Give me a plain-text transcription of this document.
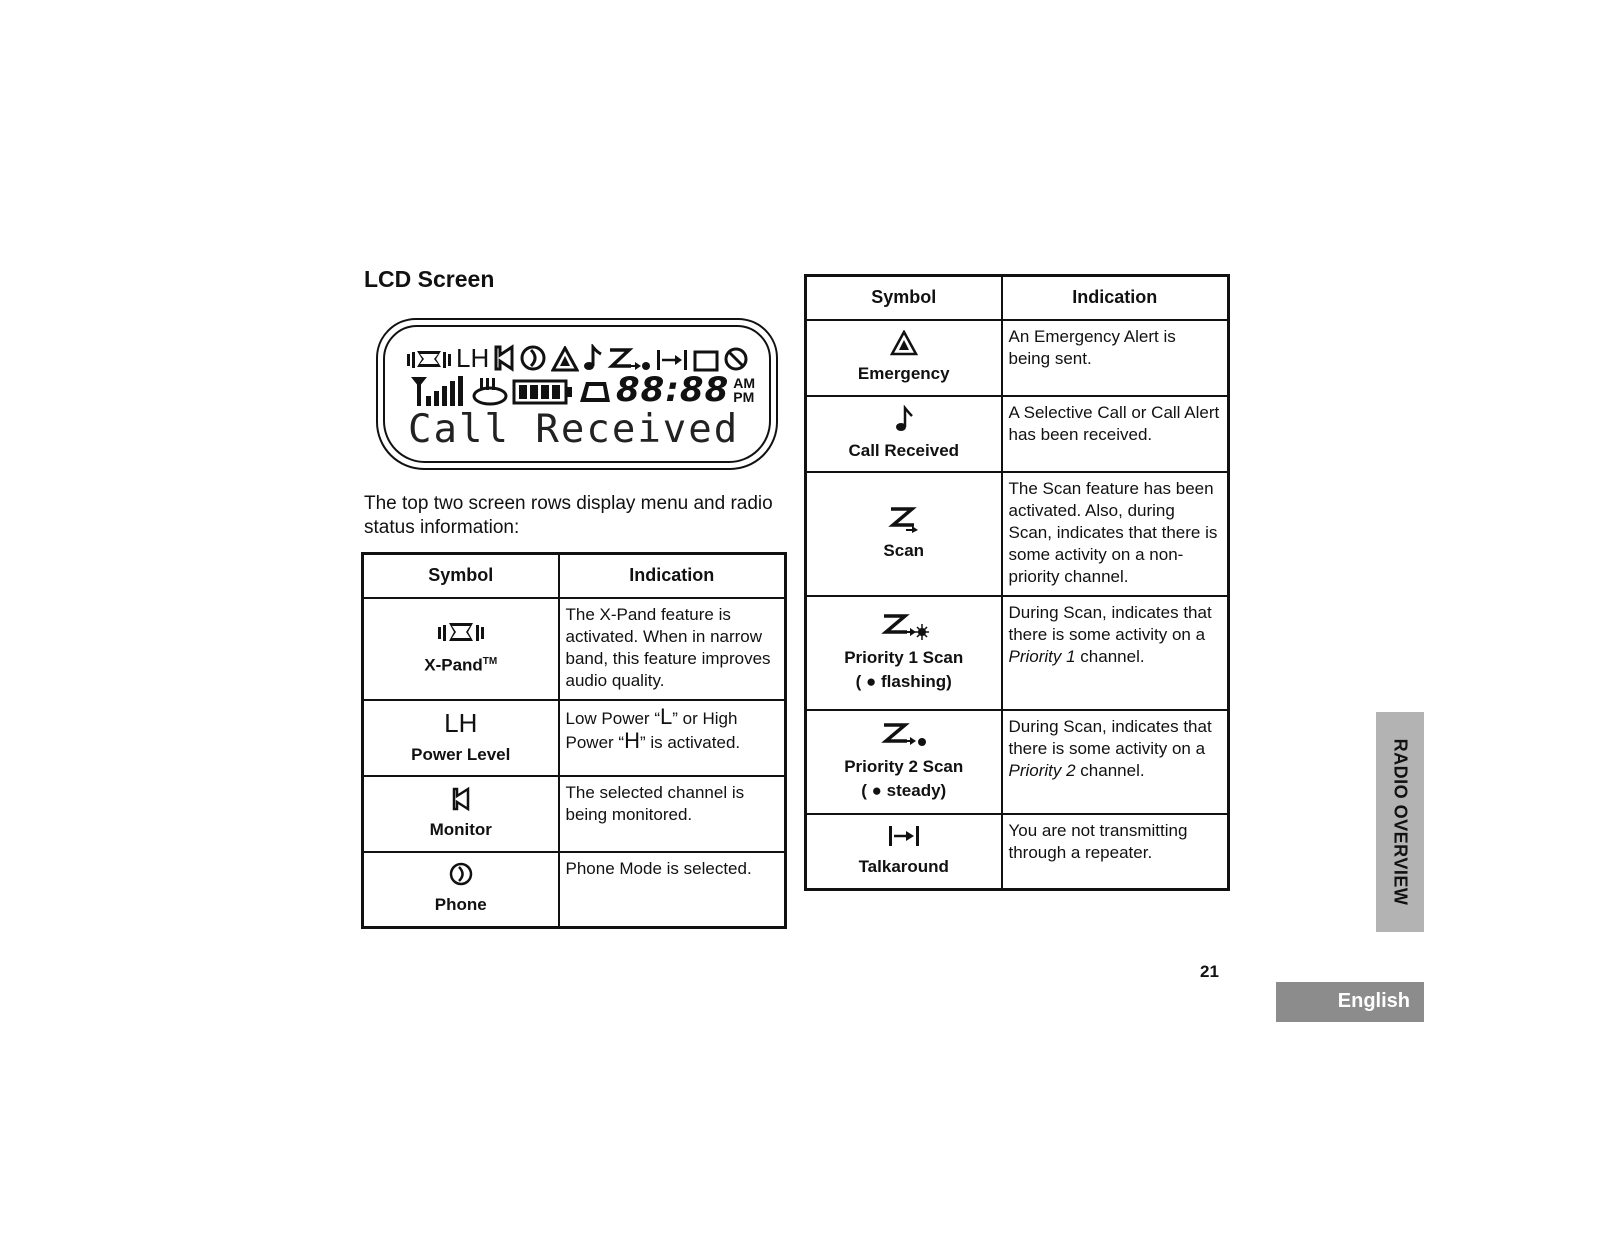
LCD Screen
LH
88:88 AM
PM
Call Received

The top two screen rows display menu and radio status information:

Symbol	Indication

X-Pand™	The X-Pand feature is activated. When in narrow band, this feature improves audio quality.

LH
Power Level	Low Power “L” or High Power “H” is activated.

Monitor	The selected channel is being monitored.

Phone	Phone Mode is selected.
Symbol	Indication

Emergency	An Emergency Alert is being sent.

Call Received	A Selective Call or Call Alert has been received.

Scan	The Scan feature has been activated. Also, during Scan, indicates that there is some activity on a non-priority channel.

Priority 1 Scan
( ● flashing)	During Scan, indicates that there is some activity on a Priority 1 channel.

Priority 2 Scan
( ● steady)	During Scan, indicates that there is some activity on a Priority 2 channel.

Talkaround	You are not transmitting through a repeater.
21
RADIO OVERVIEW
English
